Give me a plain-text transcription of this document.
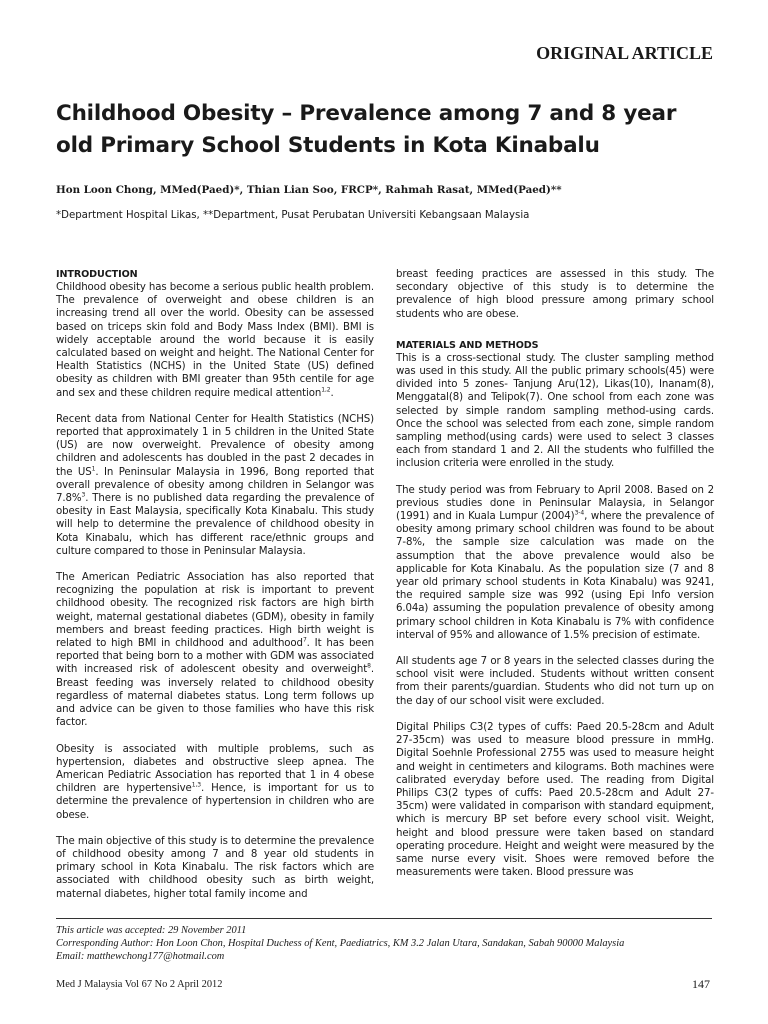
ORIGINAL ARTICLE
Childhood Obesity – Prevalence among 7 and 8 year old Primary School Students in Kota Kinabalu
Hon Loon Chong, MMed(Paed)*, Thian Lian Soo, FRCP*, Rahmah Rasat, MMed(Paed)**
*Department Hospital Likas, **Department, Pusat Perubatan Universiti Kebangsaan Malaysia
INTRODUCTION

Childhood obesity has become a serious public health problem. The prevalence of overweight and obese children is an increasing trend all over the world. Obesity can be assessed based on triceps skin fold and Body Mass Index (BMI). BMI is widely acceptable around the world because it is easily calculated based on weight and height. The National Center for Health Statistics (NCHS) in the United State (US) defined obesity as children with BMI greater than 95th centile for age and sex and these children require medical attention$^{1,2}$.

Recent data from National Center for Health Statistics (NCHS) reported that approximately 1 in 5 children in the United State (US) are now overweight. Prevalence of obesity among children and adolescents has doubled in the past 2 decades in the $US^1$. In Peninsular Malaysia in 1996, Bong reported that overall prevalence of obesity among children in Selangor was 7.8%$^3$. There is no published data regarding the prevalence of obesity in East Malaysia, specifically Kota Kinabalu. This study will help to determine the prevalence of childhood obesity in Kota Kinabalu, which has different race/ethnic groups and culture compared to those in Peninsular Malaysia.

The American Pediatric Association has also reported that recognizing the population at risk is important to prevent childhood obesity. The recognized risk factors are high birth weight, maternal gestational diabetes (GDM), obesity in family members and breast feeding practices. High birth weight is related to high BMI in childhood and adulthood$^7$. It has been reported that being born to a mother with GDM was associated with increased risk of adolescent obesity and overweight$^8$. Breast feeding was inversely related to childhood obesity regardless of maternal diabetes status. Long term follows up and advice can be given to those families who have this risk factor.

Obesity is associated with multiple problems, such as hypertension, diabetes and obstructive sleep apnea. The American Pediatric Association has reported that 1 in 4 obese children are hypertensive$^{1,3}$. Hence, is important for us to determine the prevalence of hypertension in children who are obese.

The main objective of this study is to determine the prevalence of childhood obesity among 7 and 8 year old students in primary school in Kota Kinabalu. The risk factors which are associated with childhood obesity such as birth weight, maternal diabetes, higher total family income and

breast feeding practices are assessed in this study. The secondary objective of this study is to determine the prevalence of high blood pressure among primary school students who are obese.

MATERIALS AND METHODS

This is a cross-sectional study. The cluster sampling method was used in this study. All the public primary schools(45) were divided into 5 zones- Tanjung Aru(12), Likas(10), Inanam(8), Menggatal(8) and Telipok(7). One school from each zone was selected by simple random sampling method-using cards. Once the school was selected from each zone, simple random sampling method(using cards) were used to select 3 classes each from standard 1 and 2. All the students who fulfilled the inclusion criteria were enrolled in the study.

The study period was from February to April 2008. Based on 2 previous studies done in Peninsular Malaysia, in Selangor (1991) and in Kuala Lumpur $(2004)^{3-4}$, where the prevalence of obesity among primary school children was found to be about 7-8%, the sample size calculation was made on the assumption that the above prevalence would also be applicable for Kota Kinabalu. As the population size (7 and 8 year old primary school students in Kota Kinabalu) was 9241, the required sample size was 992 (using Epi Info version 6.04a) assuming the population prevalence of obesity among primary school children in Kota Kinabalu is 7% with confidence interval of 95% and allowance of 1.5% precision of estimate.

All students age 7 or 8 years in the selected classes during the school visit were included. Students without written consent from their parents/guardian. Students who did not turn up on the day of our school visit were excluded.

Digital Philips C3(2 types of cuffs: Paed 20.5-28cm and Adult 27-35cm) was used to measure blood pressure in mmHg. Digital Soehnle Professional 2755 was used to measure height and weight in centimeters and kilograms. Both machines were calibrated everyday before used. The reading from Digital Philips C3(2 types of cuffs: Paed 20.5-28cm and Adult 27-35cm) were validated in comparison with standard equipment, which is mercury BP set before every school visit. Weight, height and blood pressure were taken based on standard operating procedure. Height and weight were measured by the same nurse every visit. Shoes were removed before the measurements were taken. Blood pressure was

This article was accepted: 29 November 2011
Corresponding Author: Hon Loon Chon, Hospital Duchess of Kent, Paediatrics, KM 3.2 Jalan Utara, Sandakan, Sabah 90000 Malaysia
Email: matthewchong177@hotmail.com
Med J Malaysia Vol 67 No 2 April 2012	147
